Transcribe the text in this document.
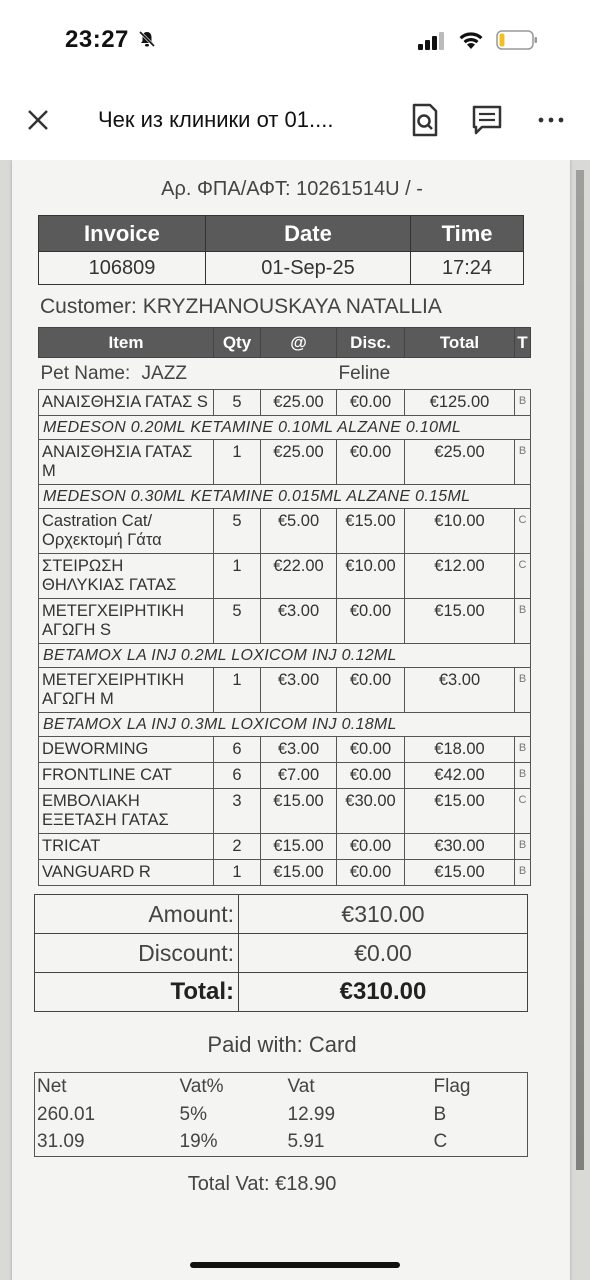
23:27
Чек из клиники от 01....
Αρ. ΦΠΑ/ΑΦΤ: 10261514U / -
Invoice	Date	Time
106809	01-Sep-25	17:24
Customer: KRYZHANOUSKAYA NATALLIA
Item	Qty	@	Disc.	Total	T
Pet Name: JAZZ			Feline		
ΑΝΑΙΣΘΗΣΙΑ ΓΑΤΑΣ S	5	€25.00	€0.00	€125.00	B
MEDESON 0.20ML KETAMINE 0.10ML ALZANE 0.10ML					
ΑΝΑΙΣΘΗΣΙΑ ΓΑΤΑΣ M	1	€25.00	€0.00	€25.00	B
MEDESON 0.30ML KETAMINE 0.015ML ALZANE 0.15ML					
Castration Cat/ Ορχεκτομή Γάτα	5	€5.00	€15.00	€10.00	C
ΣΤΕΙΡΩΣΗ ΘΗΛΥΚΙΑΣ ΓΑΤΑΣ	1	€22.00	€10.00	€12.00	C
ΜΕΤΕΓΧΕΙΡΗΤΙΚΗ ΑΓΩΓΗ S	5	€3.00	€0.00	€15.00	B
BETAMOX LA INJ 0.2ML LOXICOM INJ 0.12ML					
ΜΕΤΕΓΧΕΙΡΗΤΙΚΗ ΑΓΩΓΗ M	1	€3.00	€0.00	€3.00	B
BETAMOX LA INJ 0.3ML LOXICOM INJ 0.18ML					
DEWORMING	6	€3.00	€0.00	€18.00	B
FRONTLINE CAT	6	€7.00	€0.00	€42.00	B
ΕΜΒΟΛΙΑΚΗ ΕΞΕΤΑΣΗ ΓΑΤΑΣ	3	€15.00	€30.00	€15.00	C
TRICAT	2	€15.00	€0.00	€30.00	B
VANGUARD R	1	€15.00	€0.00	€15.00	B
Amount:	€310.00
Discount:	€0.00
Total:	€310.00
Paid with: Card
Net	Vat%	Vat	Flag
260.01	5%	12.99	B
31.09	19%	5.91	C
Total Vat: €18.90
